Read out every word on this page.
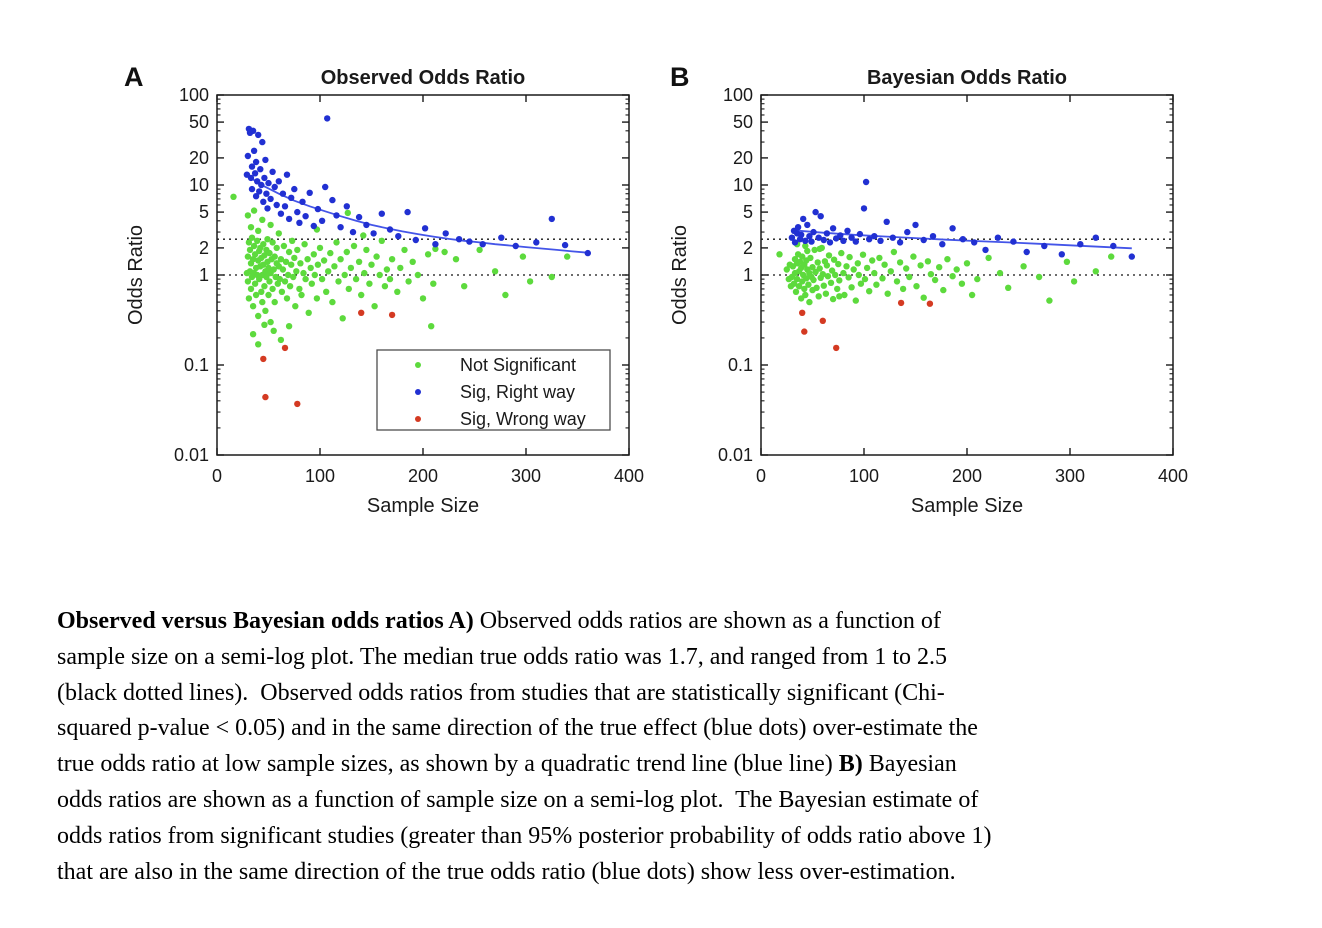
A	B
0	100	200	300	400
100
50
20
10
5
2
1
0.1
0.01
Observed Odds Ratio
Sample Size
Odds Ratio
Not Significant
Sig, Right way
Sig, Wrong way
0	100	200	300	400
100
50
20
10
5
2
1
0.1
0.01
Bayesian Odds Ratio
Sample Size
Odds Ratio
Observed versus Bayesian odds ratios A) Observed odds ratios are shown as a function of
sample size on a semi-log plot. The median true odds ratio was 1.7, and ranged from 1 to 2.5
(black dotted lines).  Observed odds ratios from studies that are statistically significant (Chi-
squared p-value < 0.05) and in the same direction of the true effect (blue dots) over-estimate the
true odds ratio at low sample sizes, as shown by a quadratic trend line (blue line) B) Bayesian
odds ratios are shown as a function of sample size on a semi-log plot.  The Bayesian estimate of
odds ratios from significant studies (greater than 95% posterior probability of odds ratio above 1)
that are also in the same direction of the true odds ratio (blue dots) show less over-estimation.
